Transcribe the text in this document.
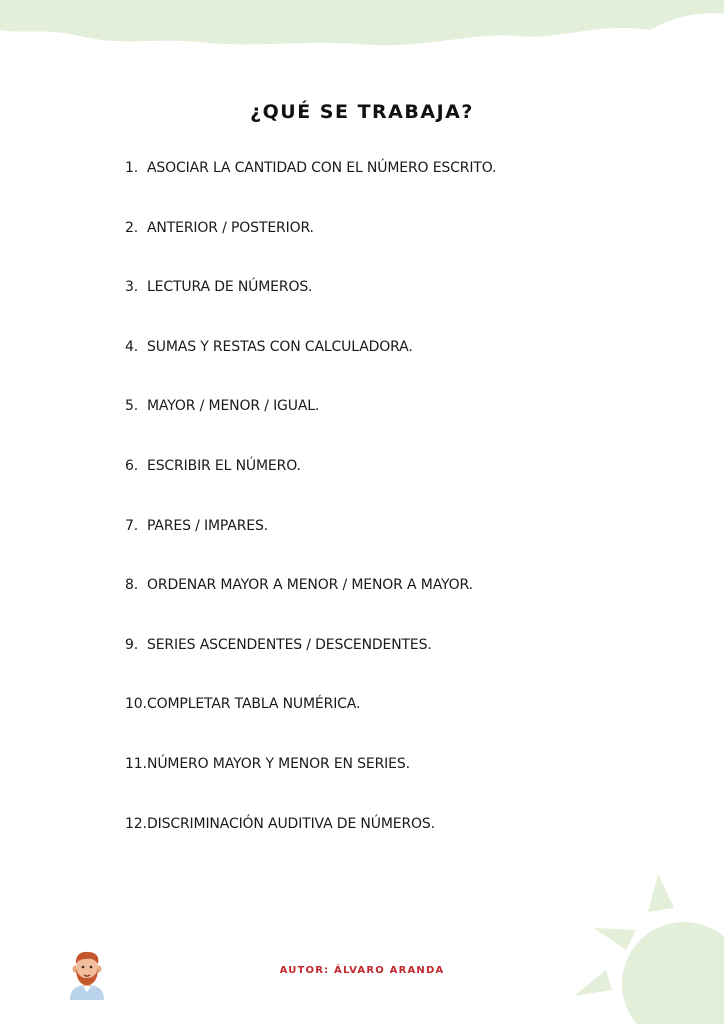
¿QUÉ SE TRABAJA?
1. ASOCIAR LA CANTIDAD CON EL NÚMERO ESCRITO.
2. ANTERIOR / POSTERIOR.
3. LECTURA DE NÚMEROS.
4. SUMAS Y RESTAS CON CALCULADORA.
5. MAYOR / MENOR / IGUAL.
6. ESCRIBIR EL NÚMERO.
7. PARES / IMPARES.
8. ORDENAR MAYOR A MENOR / MENOR A MAYOR.
9. SERIES ASCENDENTES / DESCENDENTES.
10. COMPLETAR TABLA NUMÉRICA.
11. NÚMERO MAYOR Y MENOR EN SERIES.
12. DISCRIMINACIÓN AUDITIVA DE NÚMEROS.
AUTOR: ÁLVARO ARANDA
